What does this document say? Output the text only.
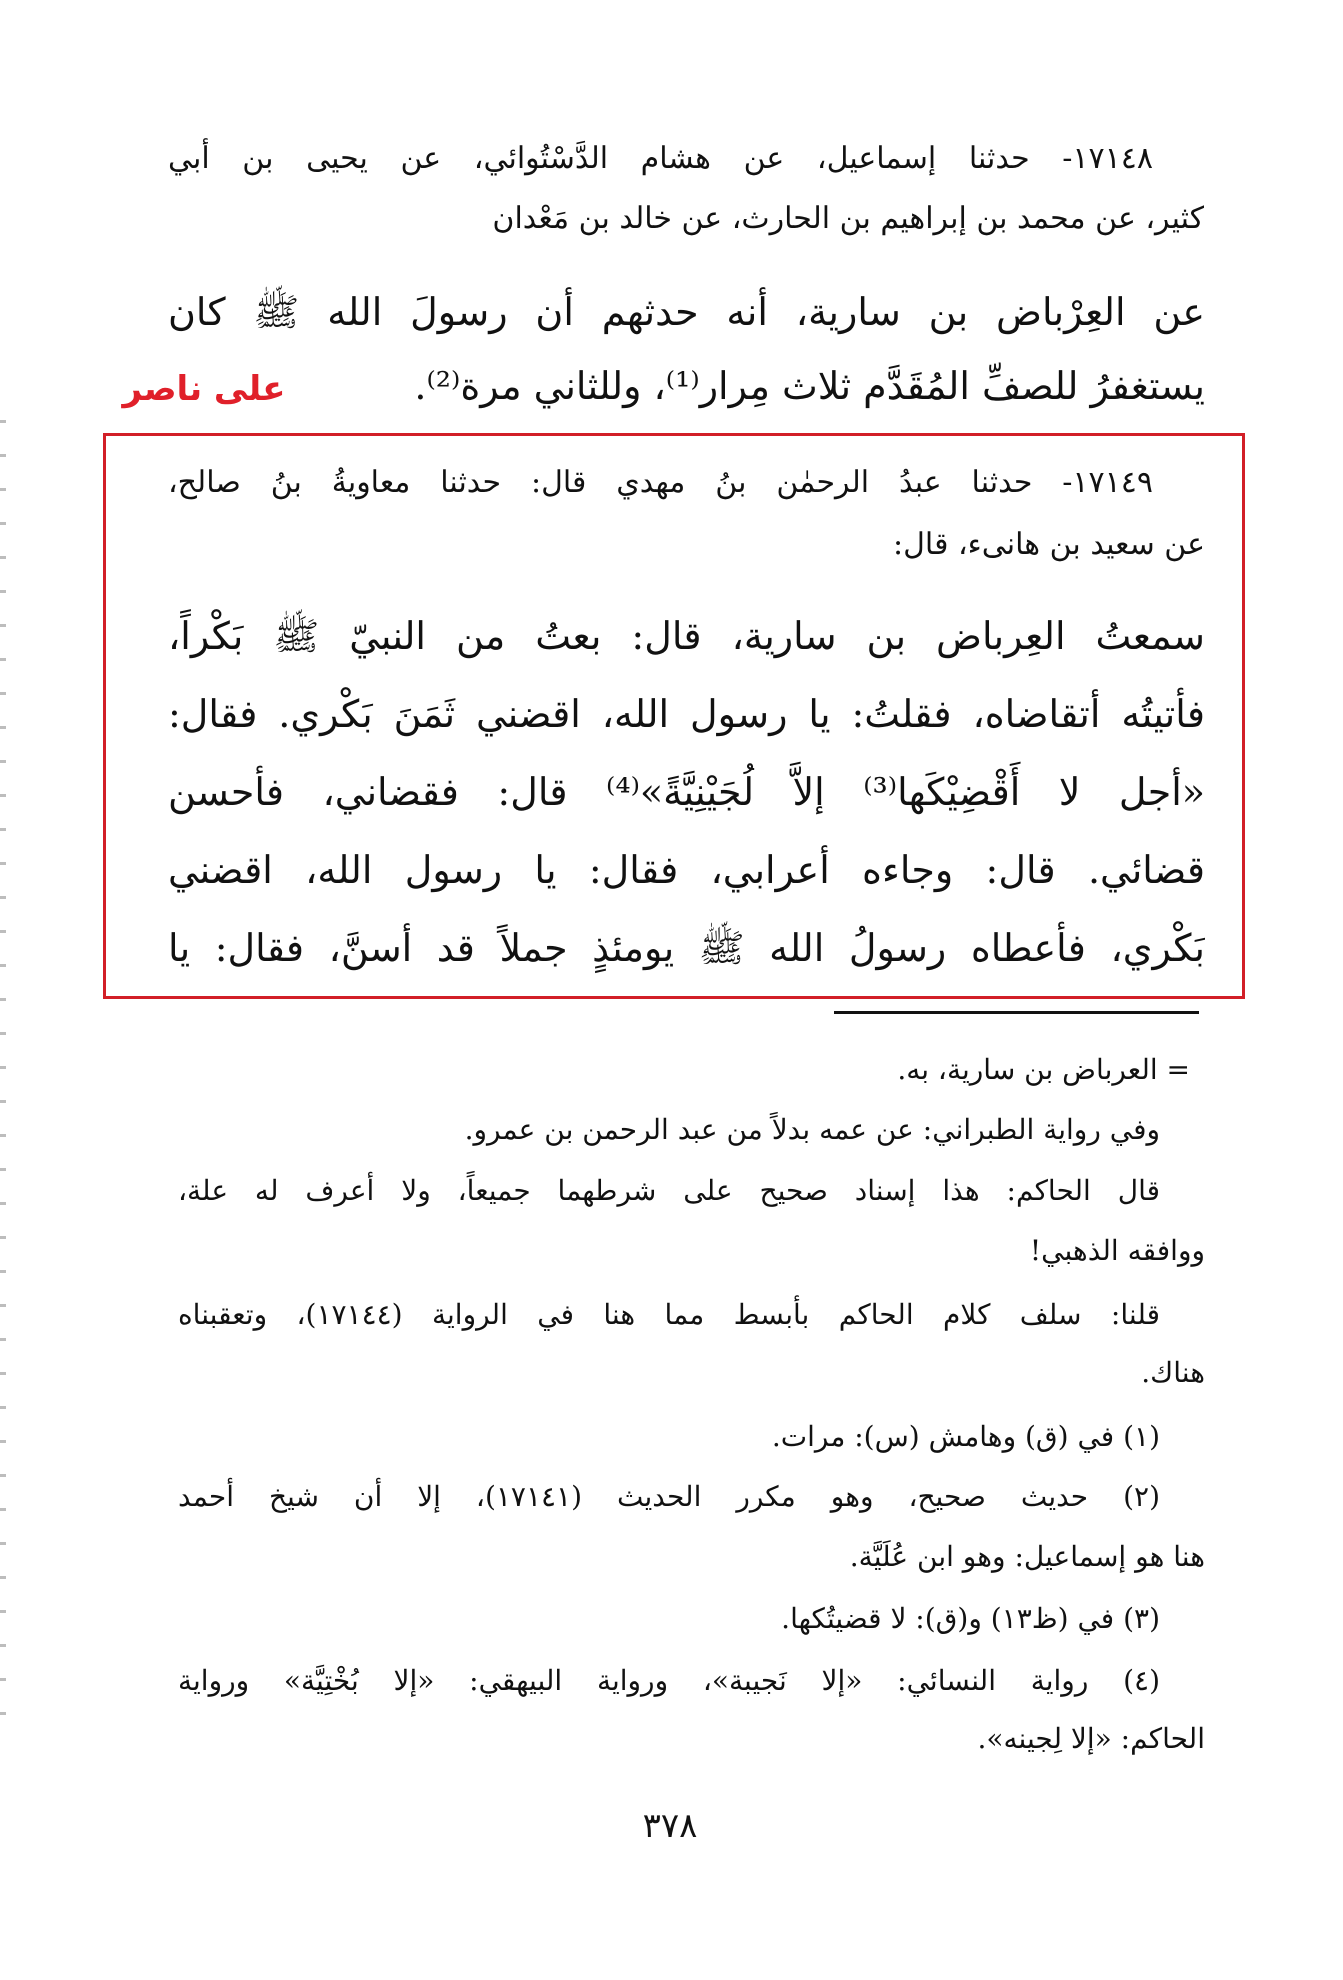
١٧١٤٨- حدثنا إسماعيل، عن هشام الدَّسْتُوائي، عن يحيى بن أبي
كثير، عن محمد بن إبراهيم بن الحارث، عن خالد بن مَعْدان
عن العِرْباض بن سارية، أنه حدثهم أن رسولَ الله ﷺ كان
يستغفرُ للصفِّ المُقَدَّم ثلاث مِرار⁽¹⁾، وللثاني مرة⁽²⁾.
على ناصر
١٧١٤٩- حدثنا عبدُ الرحمٰن بنُ مهدي قال: حدثنا معاويةُ بنُ صالح،
عن سعيد بن هانىء، قال:
سمعتُ العِرباض بن سارية، قال: بعتُ من النبيّ ﷺ بَكْراً،
فأتيتُه أتقاضاه، فقلتُ: يا رسول الله، اقضني ثَمَنَ بَكْري. فقال:
«أجل لا أَقْضِيْكَها⁽³⁾ إلاَّ لُجَيْنِيَّةً»⁽⁴⁾ قال: فقضاني، فأحسن
قضائي. قال: وجاءه أعرابي، فقال: يا رسول الله، اقضني
بَكْري، فأعطاه رسولُ الله ﷺ يومئذٍ جملاً قد أسنَّ، فقال: يا
= العرباض بن سارية، به.
وفي رواية الطبراني: عن عمه بدلاً من عبد الرحمن بن عمرو.
قال الحاكم: هذا إسناد صحيح على شرطهما جميعاً، ولا أعرف له علة،
ووافقه الذهبي!
قلنا: سلف كلام الحاكم بأبسط مما هنا في الرواية (١٧١٤٤)، وتعقبناه
هناك.
(١) في (ق) وهامش (س): مرات.
(٢) حديث صحيح، وهو مكرر الحديث (١٧١٤١)، إلا أن شيخ أحمد
هنا هو إسماعيل: وهو ابن عُلَيَّة.
(٣) في (ظ١٣) و(ق): لا قضيتُكها.
(٤) رواية النسائي: «إلا نَجيبة»، ورواية البيهقي: «إلا بُخْتِيَّة» ورواية
الحاكم: «إلا لِجينه».
٣٧٨
